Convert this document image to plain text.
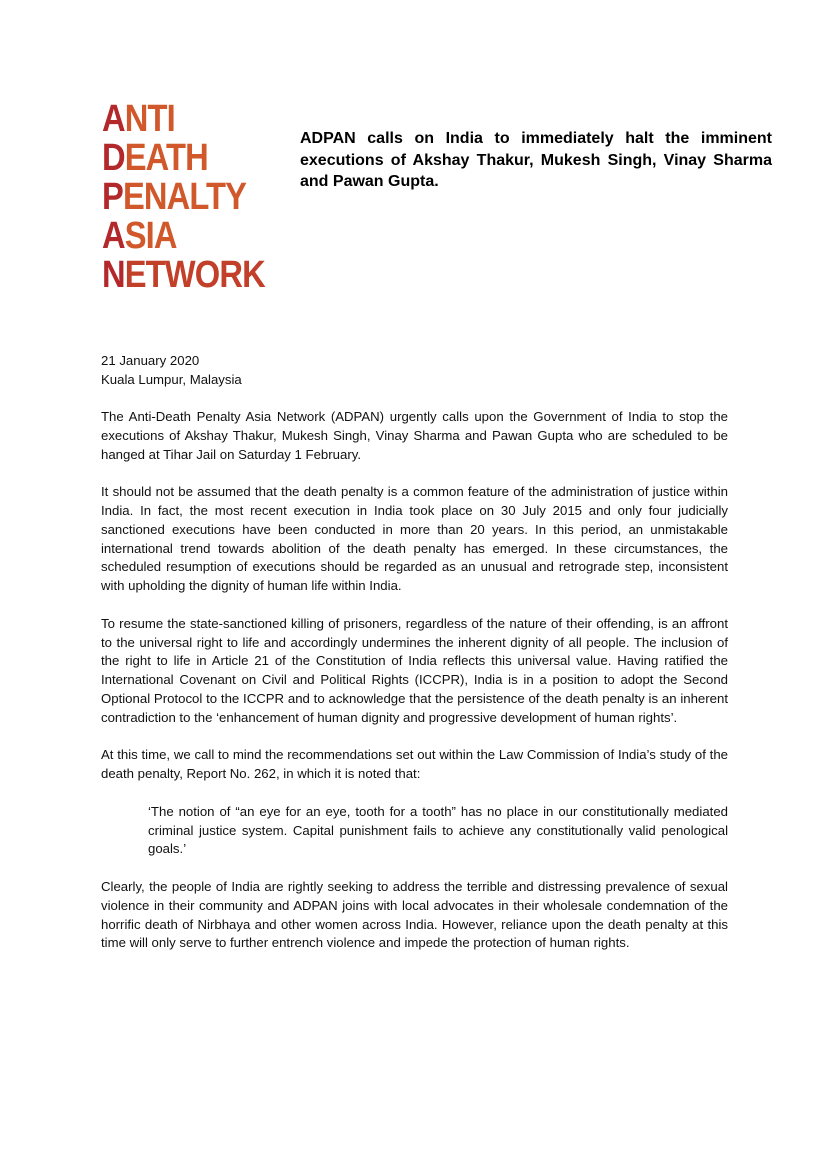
ANTI
DEATH
PENALTY
ASIA
NETWORK
ADPAN calls on India to immediately halt the imminent executions of Akshay Thakur, Mukesh Singh, Vinay Sharma and Pawan Gupta.
21 January 2020
Kuala Lumpur, Malaysia

The Anti-Death Penalty Asia Network (ADPAN) urgently calls upon the Government of India to stop the executions of Akshay Thakur, Mukesh Singh, Vinay Sharma and Pawan Gupta who are scheduled to be hanged at Tihar Jail on Saturday 1 February.

It should not be assumed that the death penalty is a common feature of the administration of justice within India. In fact, the most recent execution in India took place on 30 July 2015 and only four judicially sanctioned executions have been conducted in more than 20 years. In this period, an unmistakable international trend towards abolition of the death penalty has emerged. In these circumstances, the scheduled resumption of executions should be regarded as an unusual and retrograde step, inconsistent with upholding the dignity of human life within India.

To resume the state-sanctioned killing of prisoners, regardless of the nature of their offending, is an affront to the universal right to life and accordingly undermines the inherent dignity of all people. The inclusion of the right to life in Article 21 of the Constitution of India reflects this universal value. Having ratified the International Covenant on Civil and Political Rights (ICCPR), India is in a position to adopt the Second Optional Protocol to the ICCPR and to acknowledge that the persistence of the death penalty is an inherent contradiction to the ‘enhancement of human dignity and progressive development of human rights’.

At this time, we call to mind the recommendations set out within the Law Commission of India’s study of the death penalty, Report No. 262, in which it is noted that:

‘The notion of “an eye for an eye, tooth for a tooth” has no place in our constitutionally mediated criminal justice system. Capital punishment fails to achieve any constitutionally valid penological goals.’

Clearly, the people of India are rightly seeking to address the terrible and distressing prevalence of sexual violence in their community and ADPAN joins with local advocates in their wholesale condemnation of the horrific death of Nirbhaya and other women across India. However, reliance upon the death penalty at this time will only serve to further entrench violence and impede the protection of human rights.
